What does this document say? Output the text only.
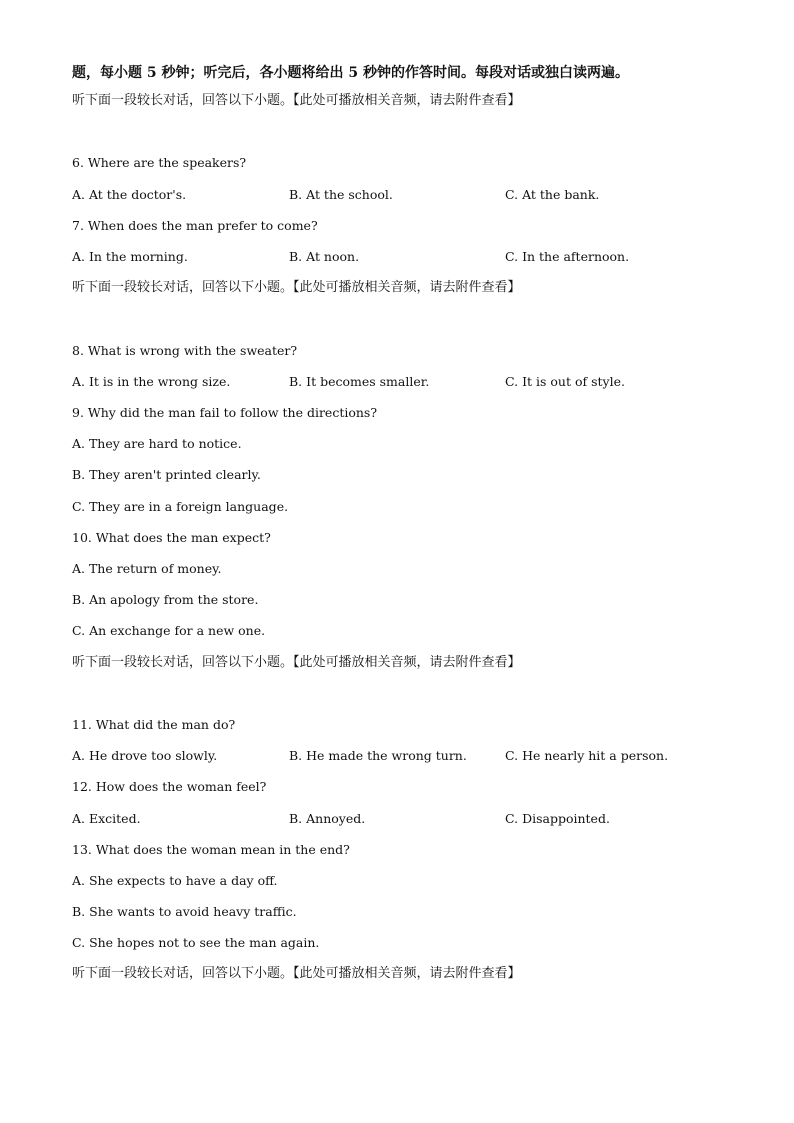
题，每小题 5 秒钟；听完后，各小题将给出 5 秒钟的作答时间。每段对话或独白读两遍。
听下面一段较长对话，回答以下小题。【此处可播放相关音频，请去附件查看】
6. Where are the speakers?
A. At the doctor's.	B. At the school.	C. At the bank.
7. When does the man prefer to come?
A. In the morning.	B. At noon.	C. In the afternoon.
听下面一段较长对话，回答以下小题。【此处可播放相关音频，请去附件查看】
8. What is wrong with the sweater?
A. It is in the wrong size.	B. It becomes smaller.	C. It is out of style.
9. Why did the man fail to follow the directions?
A. They are hard to notice.
B. They aren't printed clearly.
C. They are in a foreign language.
10. What does the man expect?
A. The return of money.
B. An apology from the store.
C. An exchange for a new one.
听下面一段较长对话，回答以下小题。【此处可播放相关音频，请去附件查看】
11. What did the man do?
A. He drove too slowly.	B. He made the wrong turn.	C. He nearly hit a person.
12. How does the woman feel?
A. Excited.	B. Annoyed.	C. Disappointed.
13. What does the woman mean in the end?
A. She expects to have a day off.
B. She wants to avoid heavy traffic.
C. She hopes not to see the man again.
听下面一段较长对话，回答以下小题。【此处可播放相关音频，请去附件查看】
